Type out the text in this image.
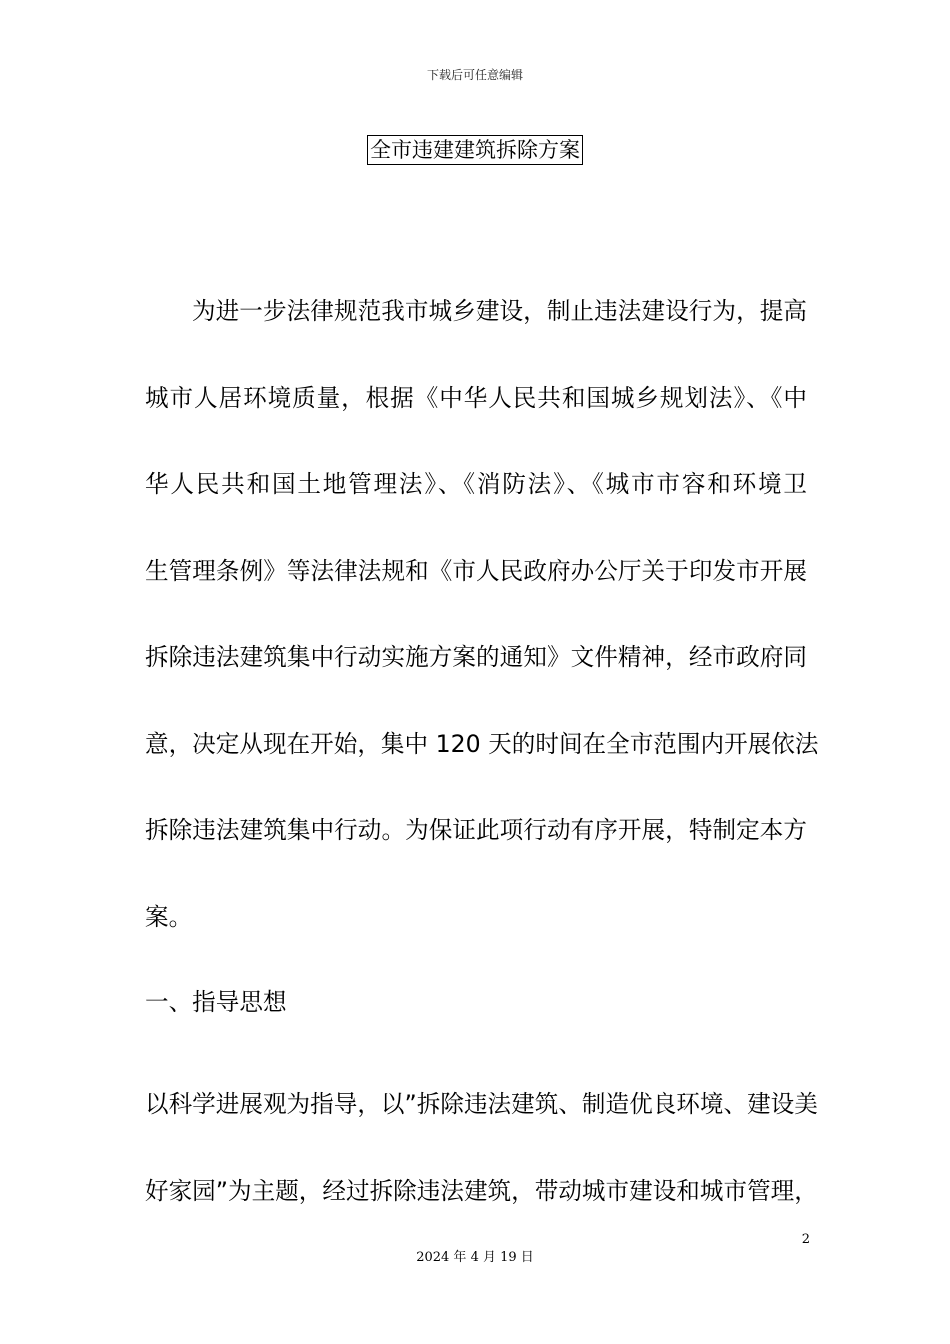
下载后可任意编辑
全市违建建筑拆除方案
为进一步法律规范我市城乡建设，制止违法建设行为，提高
城市人居环境质量，根据《中华人民共和国城乡规划法》、《中
华人民共和国土地管理法》、《消防法》、《城市市容和环境卫
生管理条例》等法律法规和《市人民政府办公厅关于印发市开展
拆除违法建筑集中行动实施方案的通知》文件精神，经市政府同
意，决定从现在开始，集中 120 天的时间在全市范围内开展依法
拆除违法建筑集中行动。为保证此项行动有序开展，特制定本方
案。
一、指导思想
以科学进展观为指导，以”拆除违法建筑、制造优良环境、建设美
好家园”为主题，经过拆除违法建筑，带动城市建设和城市管理，
2
2024 年 4 月 19 日
